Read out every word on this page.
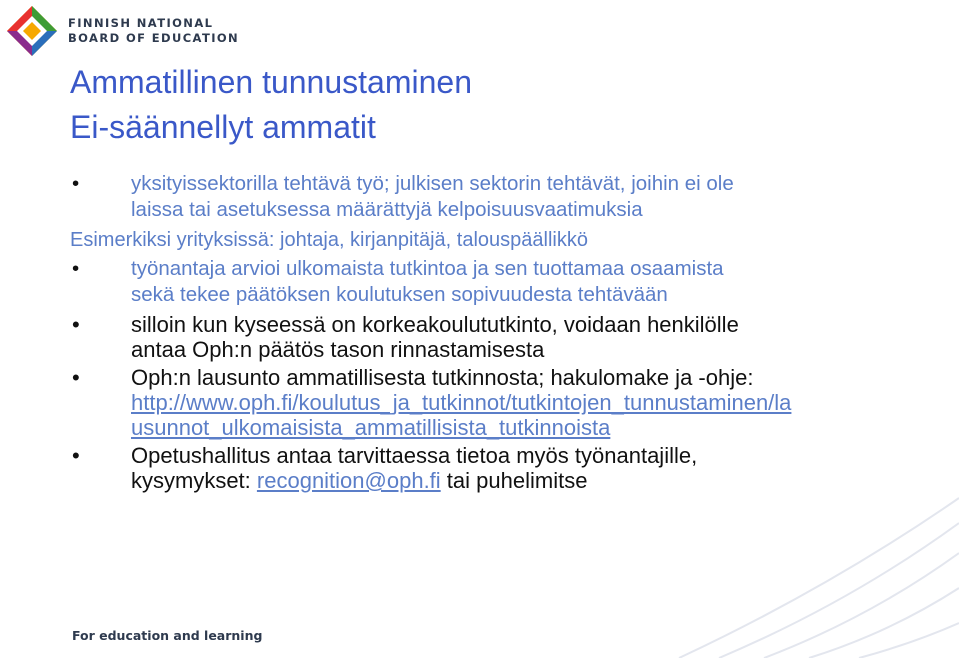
FINNISH NATIONAL
BOARD OF EDUCATION
Ammatillinen tunnustaminen
Ei-säännellyt ammatit
•	yksityissektorilla tehtävä työ; julkisen sektorin tehtävät, joihin ei ole
laissa tai asetuksessa määrättyjä kelpoisuusvaatimuksia
Esimerkiksi yrityksissä: johtaja, kirjanpitäjä, talouspäällikkö
•	työnantaja arvioi ulkomaista tutkintoa ja sen tuottamaa osaamista
sekä tekee päätöksen koulutuksen sopivuudesta tehtävään
• silloin kun kyseessä on korkeakoulututkinto, voidaan henkilölle
antaa Oph:n päätös tason rinnastamisesta
• Oph:n lausunto ammatillisesta tutkinnosta; hakulomake ja -ohje:
http://www.oph.fi/koulutus_ja_tutkinnot/tutkintojen_tunnustaminen/la
usunnot_ulkomaisista_ammatillisista_tutkinnoista
• Opetushallitus antaa tarvittaessa tietoa myös työnantajille,
kysymykset: recognition@oph.fi tai puhelimitse
For education and learning
